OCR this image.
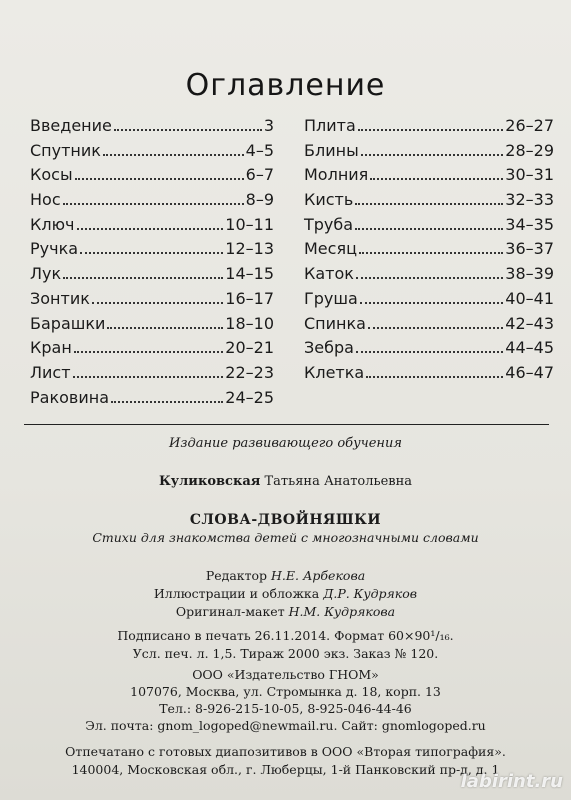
Оглавление
Введение	3
Спутник	4–5
Косы	6–7
Нос	8–9
Ключ	10–11
Ручка	12–13
Лук	14–15
Зонтик	16–17
Барашки	18–10
Кран	20–21
Лист	22–23
Раковина	24–25
Плита	26–27
Блины	28–29
Молния	30–31
Кисть	32–33
Труба	34–35
Месяц	36–37
Каток	38–39
Груша	40–41
Спинка	42–43
Зебра	44–45
Клетка	46–47
Издание развивающего обучения
Куликовская Татьяна Анатольевна
СЛОВА-ДВОЙНЯШКИ
Стихи для знакомства детей с многозначными словами
Редактор Н.Е. Арбекова
Иллюстрации и обложка Д.Р. Кудряков
Оригинал-макет Н.М. Кудрякова
Подписано в печать 26.11.2014. Формат 60×90¹/₁₆.
Усл. печ. л. 1,5. Тираж 2000 экз. Заказ № 120.
ООО «Издательство ГНОМ»
107076, Москва, ул. Стромынка д. 18, корп. 13
Тел.: 8-926-215-10-05, 8-925-046-44-46
Эл. почта: gnom_logoped@newmail.ru. Сайт: gnomlogoped.ru
Отпечатано с готовых диапозитивов в ООО «Вторая типография».
140004, Московская обл., г. Люберцы, 1-й Панковский пр-д, д. 1
labirint.ru
